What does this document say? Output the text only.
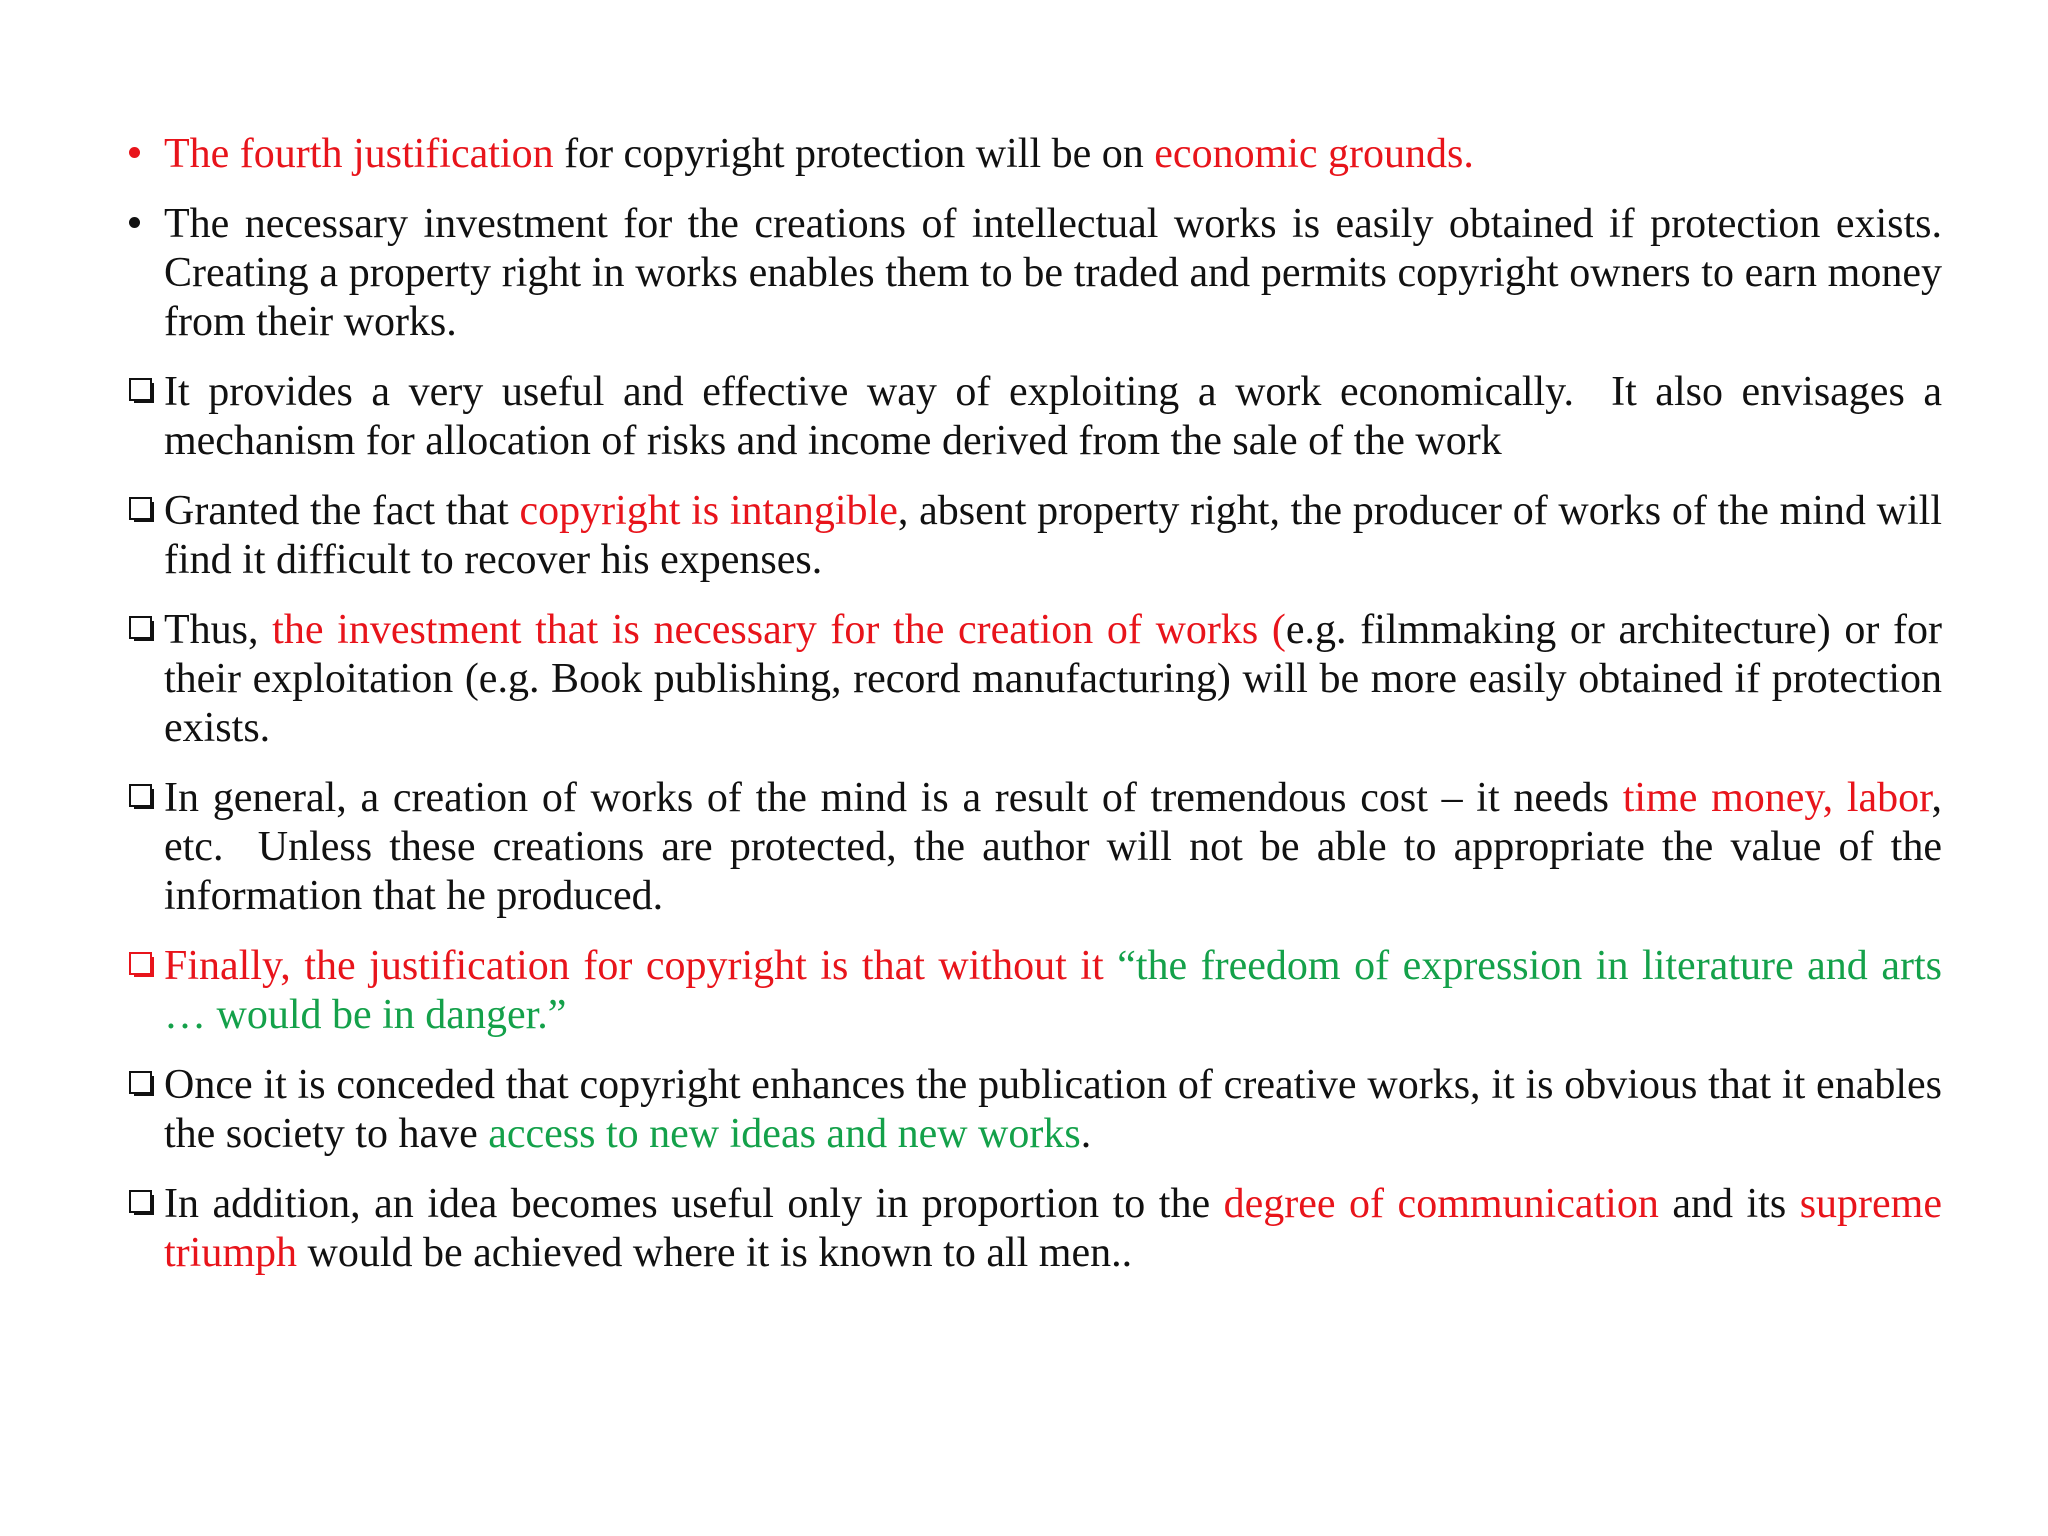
The fourth justification for copyright protection will be on economic grounds.
The necessary investment for the creations of intellectual works is easily obtained if protection exists.  Creating a property right in works enables them to be traded and permits copyright owners to earn money from their works.
It provides a very useful and effective way of exploiting a work economically.  It also envisages a mechanism for allocation of risks and income derived from the sale of the work
Granted the fact that copyright is intangible, absent property right, the producer of works of the mind will find it difficult to recover his expenses.
Thus, the investment that is necessary for the creation of works (e.g. filmmaking or architecture) or for their exploitation (e.g. Book publishing, record manufacturing) will be more easily obtained if protection exists.
In general, a creation of works of the mind is a result of tremendous cost – it needs time money, labor, etc.  Unless these creations are protected, the author will not be able to appropriate the value of the information that he produced.
Finally, the justification for copyright is that without it “the freedom of expression in literature and arts … would be in danger.”
Once it is conceded that copyright enhances the publication of creative works, it is obvious that it enables the society to have access to new ideas and new works.
In addition, an idea becomes useful only in proportion to the degree of communication and its supreme triumph would be achieved where it is known to all men..
